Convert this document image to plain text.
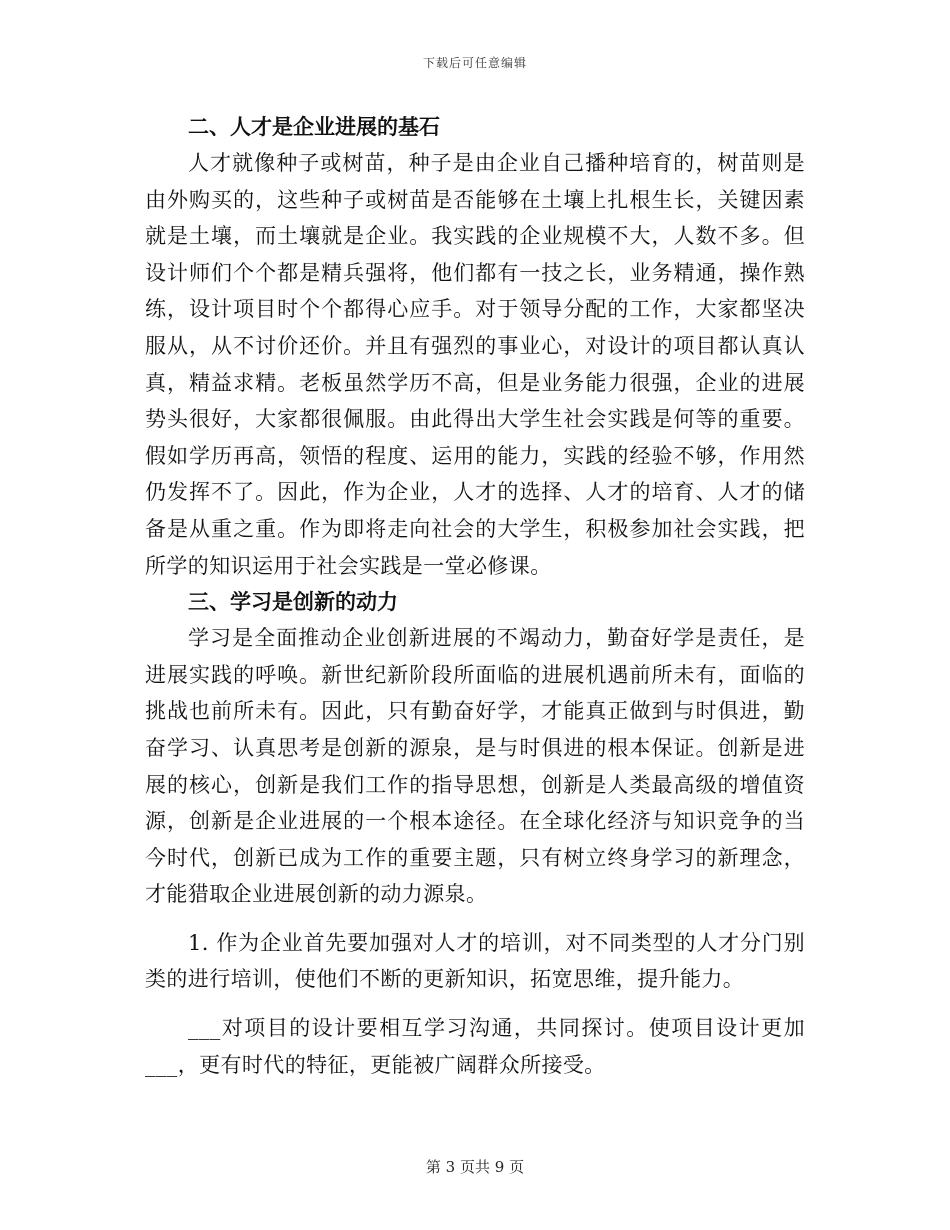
下载后可任意编辑
二、人才是企业进展的基石

人才就像种子或树苗，种子是由企业自己播种培育的，树苗则是由外购买的，这些种子或树苗是否能够在土壤上扎根生长，关键因素就是土壤，而土壤就是企业。我实践的企业规模不大，人数不多。但设计师们个个都是精兵强将，他们都有一技之长，业务精通，操作熟练，设计项目时个个都得心应手。对于领导分配的工作，大家都坚决服从，从不讨价还价。并且有强烈的事业心，对设计的项目都认真认真，精益求精。老板虽然学历不高，但是业务能力很强，企业的进展势头很好，大家都很佩服。由此得出大学生社会实践是何等的重要。假如学历再高，领悟的程度、运用的能力，实践的经验不够，作用然仍发挥不了。因此，作为企业，人才的选择、人才的培育、人才的储备是从重之重。作为即将走向社会的大学生，积极参加社会实践，把所学的知识运用于社会实践是一堂必修课。

三、学习是创新的动力

学习是全面推动企业创新进展的不竭动力，勤奋好学是责任，是进展实践的呼唤。新世纪新阶段所面临的进展机遇前所未有，面临的挑战也前所未有。因此，只有勤奋好学，才能真正做到与时俱进，勤奋学习、认真思考是创新的源泉，是与时俱进的根本保证。创新是进展的核心，创新是我们工作的指导思想，创新是人类最高级的增值资源，创新是企业进展的一个根本途径。在全球化经济与知识竞争的当今时代，创新已成为工作的重要主题，只有树立终身学习的新理念，才能猎取企业进展创新的动力源泉。

1. 作为企业首先要加强对人才的培训，对不同类型的人才分门别类的进行培训，使他们不断的更新知识，拓宽思维，提升能力。

___对项目的设计要相互学习沟通，共同探讨。使项目设计更加___，更有时代的特征，更能被广阔群众所接受。

第 3 页共 9 页
